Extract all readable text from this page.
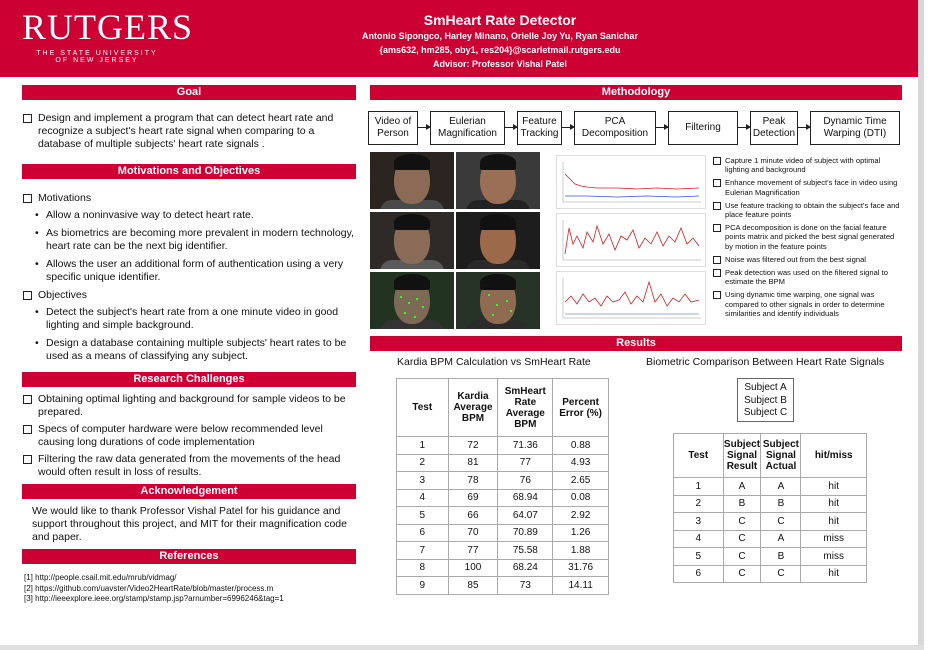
RUTGERS
THE STATE UNIVERSITY
OF NEW JERSEY
SmHeart Rate Detector
Antonio Sipongco, Harley Minano, Orielle Joy Yu, Ryan Sanichar
{ams632, hm285, oby1, res204}@scarletmail.rutgers.edu
Advisor: Professor Vishal Patel
Goal
Design and implement a program that can detect heart rate and recognize a subject's heart rate signal when comparing to a database of multiple subjects' heart rate signals .
Motivations and Objectives
Motivations
• Allow a noninvasive way to detect heart rate.
• As biometrics are becoming more prevalent in modern technology, heart rate can be the next big identifier.
• Allows the user an additional form of authentication using a very specific unique identifier.
Objectives
• Detect the subject's heart rate from a one minute video in good lighting and simple background.
• Design a database containing multiple subjects' heart rates to be used as a means of classifying any subject.
Research Challenges
Obtaining optimal lighting and background for sample videos to be prepared.
Specs of computer hardware were below recommended level causing long durations of code implementation
Filtering the raw data generated from the movements of the head would often result in loss of results.
Acknowledgement
We would like to thank Professor Vishal Patel for his guidance and support throughout this project, and MIT for their magnification code and paper.
References
[1] http://people.csail.mit.edu/mrub/vidmag/
[2] https://github.com/uavster/Video2HeartRate/blob/master/process.m
[3] http://ieeexplore.ieee.org/stamp/stamp.jsp?arnumber=6996246&tag=1
Methodology
Video of Person
Eulerian Magnification
Feature Tracking
PCA Decomposition
Filtering
Peak Detection
Dynamic Time Warping (DTI)
Capture 1 minute video of subject with optimal lighting and background
Enhance movement of subject's face in video using Eulerian Magnification
Use feature tracking to obtain the subject's face and place feature points
PCA decomposition is done on the facial feature points matrix and picked the best signal generated by motion in the feature points
Noise was filtered out from the best signal
Peak detection was used on the filtered signal to estimate the BPM
Using dynamic time warping, one signal was compared to other signals in order to determine similarities and identify individuals
Results
Kardia BPM Calculation vs SmHeart Rate	Biometric Comparison Between Heart Rate Signals
Test	Kardia Average BPM	SmHeart Rate Average BPM	Percent Error (%)
1	72	71.36	0.88
2	81	77	4.93
3	78	76	2.65
4	69	68.94	0.08
5	66	64.07	2.92
6	70	70.89	1.26
7	77	75.58	1.88
8	100	68.24	31.76
9	85	73	14.11
Subject A
Subject B
Subject C
Test	Subject Signal Result	Subject Signal Actual	hit/miss
1	A	A	hit
2	B	B	hit
3	C	C	hit
4	C	A	miss
5	C	B	miss
6	C	C	hit
